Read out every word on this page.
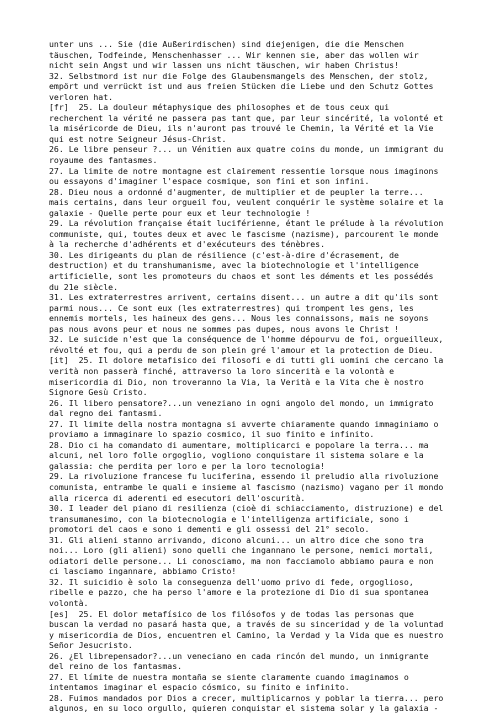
unter uns ... Sie (die Außerirdischen) sind diejenigen, die die Menschen
täuschen, Todfeinde, Menschenhasser ... Wir kennen sie, aber das wollen wir
nicht sein Angst und wir lassen uns nicht täuschen, wir haben Christus!
32. Selbstmord ist nur die Folge des Glaubensmangels des Menschen, der stolz,
empört und verrückt ist und aus freien Stücken die Liebe und den Schutz Gottes
verloren hat.
[fr]  25. La douleur métaphysique des philosophes et de tous ceux qui
recherchent la vérité ne passera pas tant que, par leur sincérité, la volonté et
la miséricorde de Dieu, ils n'auront pas trouvé le Chemin, la Vérité et la Vie
qui est notre Seigneur Jésus-Christ.
26. Le libre penseur ?... un Vénitien aux quatre coins du monde, un immigrant du
royaume des fantasmes.
27. La limite de notre montagne est clairement ressentie lorsque nous imaginons
ou essayons d'imaginer l'espace cosmique, son fini et son infini.
28. Dieu nous a ordonné d'augmenter, de multiplier et de peupler la terre...
mais certains, dans leur orgueil fou, veulent conquérir le système solaire et la
galaxie - Quelle perte pour eux et leur technologie !
29. La révolution française était luciférienne, étant le prélude à la révolution
communiste, qui, toutes deux et avec le fascisme (nazisme), parcourent le monde
à la recherche d'adhérents et d'exécuteurs des ténèbres.
30. Les dirigeants du plan de résilience (c'est-à-dire d'écrasement, de
destruction) et du transhumanisme, avec la biotechnologie et l'intelligence
artificielle, sont les promoteurs du chaos et sont les déments et les possédés
du 21e siècle.
31. Les extraterrestres arrivent, certains disent... un autre a dit qu'ils sont
parmi nous... Ce sont eux (les extraterrestres) qui trompent les gens, les
ennemis mortels, les haineux des gens... Nous les connaissons, mais ne soyons
pas nous avons peur et nous ne sommes pas dupes, nous avons le Christ !
32. Le suicide n'est que la conséquence de l'homme dépourvu de foi, orgueilleux,
révolté et fou, qui a perdu de son plein gré l'amour et la protection de Dieu.
[it]  25. Il dolore metafisico dei filosofi e di tutti gli uomini che cercano la
verità non passerà finché, attraverso la loro sincerità e la volontà e
misericordia di Dio, non troveranno la Via, la Verità e la Vita che è nostro
Signore Gesù Cristo.
26. Il libero pensatore?...un veneziano in ogni angolo del mondo, un immigrato
dal regno dei fantasmi.
27. Il limite della nostra montagna si avverte chiaramente quando immaginiamo o
proviamo a immaginare lo spazio cosmico, il suo finito e infinito.
28. Dio ci ha comandato di aumentare, moltiplicarci e popolare la terra... ma
alcuni, nel loro folle orgoglio, vogliono conquistare il sistema solare e la
galassia: che perdita per loro e per la loro tecnologia!
29. La rivoluzione francese fu luciferina, essendo il preludio alla rivoluzione
comunista, entrambe le quali e insieme al fascismo (nazismo) vagano per il mondo
alla ricerca di aderenti ed esecutori dell'oscurità.
30. I leader del piano di resilienza (cioè di schiacciamento, distruzione) e del
transumanesimo, con la biotecnologia e l'intelligenza artificiale, sono i
promotori del caos e sono i dementi e gli ossessi del 21° secolo.
31. Gli alieni stanno arrivando, dicono alcuni... un altro dice che sono tra
noi... Loro (gli alieni) sono quelli che ingannano le persone, nemici mortali,
odiatori delle persone... Li conosciamo, ma non facciamolo abbiamo paura e non
ci lasciamo ingannare, abbiamo Cristo!
32. Il suicidio è solo la conseguenza dell'uomo privo di fede, orgoglioso,
ribelle e pazzo, che ha perso l'amore e la protezione di Dio di sua spontanea
volontà.
[es]  25. El dolor metafísico de los filósofos y de todas las personas que
buscan la verdad no pasará hasta que, a través de su sinceridad y de la voluntad
y misericordia de Dios, encuentren el Camino, la Verdad y la Vida que es nuestro
Señor Jesucristo.
26. ¿El librepensador?...un veneciano en cada rincón del mundo, un inmigrante
del reino de los fantasmas.
27. El límite de nuestra montaña se siente claramente cuando imaginamos o
intentamos imaginar el espacio cósmico, su finito e infinito.
28. Fuimos mandados por Dios a crecer, multiplicarnos y poblar la tierra... pero
algunos, en su loco orgullo, quieren conquistar el sistema solar y la galaxia -
